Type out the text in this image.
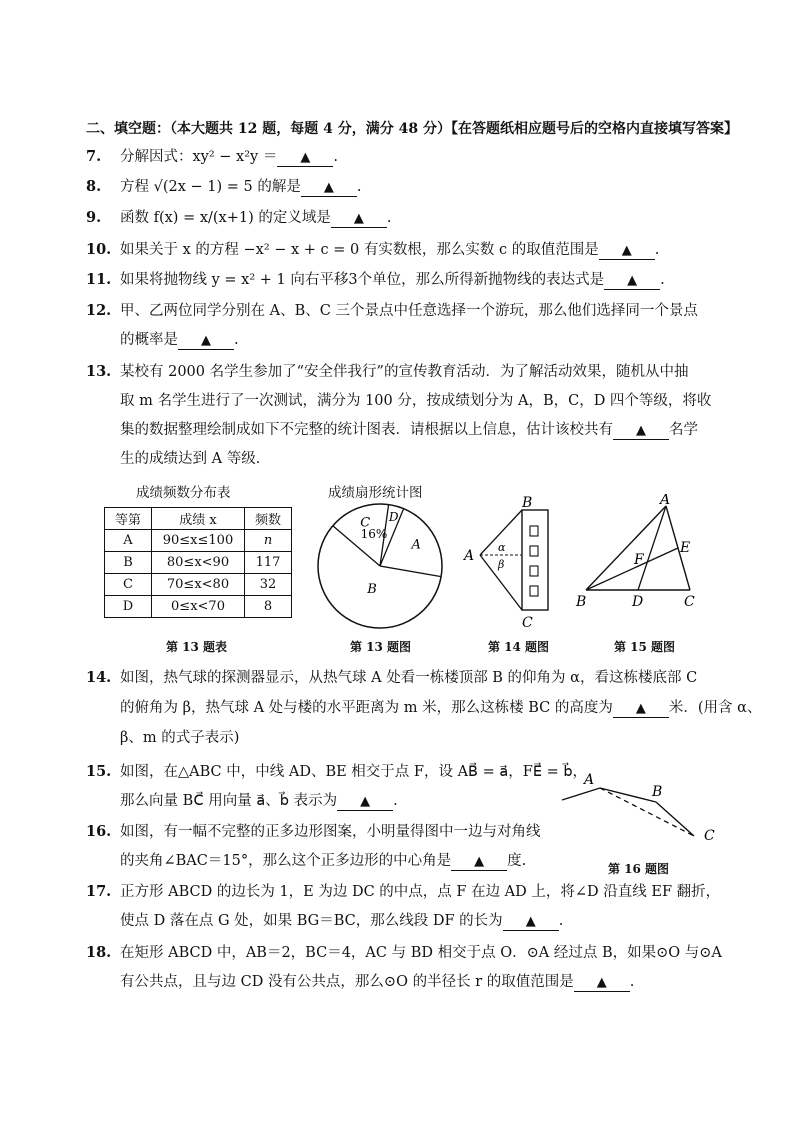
二、填空题：（本大题共 12 题，每题 4 分，满分 48 分）【在答题纸相应题号后的空格内直接填写答案】
7. 分解因式：xy² − x²y ＝ ▲ .
8. 方程 √(2x − 1) = 5 的解是 ▲ .
9. 函数 f(x) = x/(x+1) 的定义域是 ▲ .
10. 如果关于 x 的方程 −x² − x + c = 0 有实数根，那么实数 c 的取值范围是 ▲ .
11. 如果将抛物线 y = x² + 1 向右平移3个单位，那么所得新抛物线的表达式是 ▲ .
12. 甲、乙两位同学分别在 A、B、C 三个景点中任意选择一个游玩，那么他们选择同一个景点
的概率是 ▲ .
13. 某校有 2000 名学生参加了“安全伴我行”的宣传教育活动．为了解活动效果，随机从中抽
取 m 名学生进行了一次测试，满分为 100 分，按成绩划分为 A，B，C，D 四个等级，将收
集的数据整理绘制成如下不完整的统计图表．请根据以上信息，估计该校共有 ▲ 名学
生的成绩达到 A 等级．
成绩频数分布表
等第	成绩 x	频数
A	90≤x≤100	n
B	80≤x<90	117
C	70≤x<80	32
D	0≤x<70	8
第 13 题表
成绩扇形统计图
A
B
C
16%
D
第 13 题图
A
B
C
α
β
第 14 题图
A
B	C
D
E
F
第 15 题图
14. 如图，热气球的探测器显示，从热气球 A 处看一栋楼顶部 B 的仰角为 α，看这栋楼底部 C
的俯角为 β，热气球 A 处与楼的水平距离为 m 米，那么这栋楼 BC 的高度为 ▲ 米．(用含 α、
β、m 的式子表示)
15. 如图，在△ABC 中，中线 AD、BE 相交于点 F，设 AB⃗ = a⃗，FE⃗ = b⃗，
那么向量 BC⃗ 用向量 a⃗、b⃗ 表示为 ▲ .
A
B
C
第 16 题图
16. 如图，有一幅不完整的正多边形图案，小明量得图中一边与对角线
的夹角∠BAC＝15°，那么这个正多边形的中心角是 ▲ 度.
17. 正方形 ABCD 的边长为 1，E 为边 DC 的中点，点 F 在边 AD 上，将∠D 沿直线 EF 翻折，
使点 D 落在点 G 处，如果 BG＝BC，那么线段 DF 的长为 ▲ .
18. 在矩形 ABCD 中，AB＝2，BC＝4，AC 与 BD 相交于点 O．⊙A 经过点 B，如果⊙O 与⊙A
有公共点，且与边 CD 没有公共点，那么⊙O 的半径长 r 的取值范围是 ▲ .
